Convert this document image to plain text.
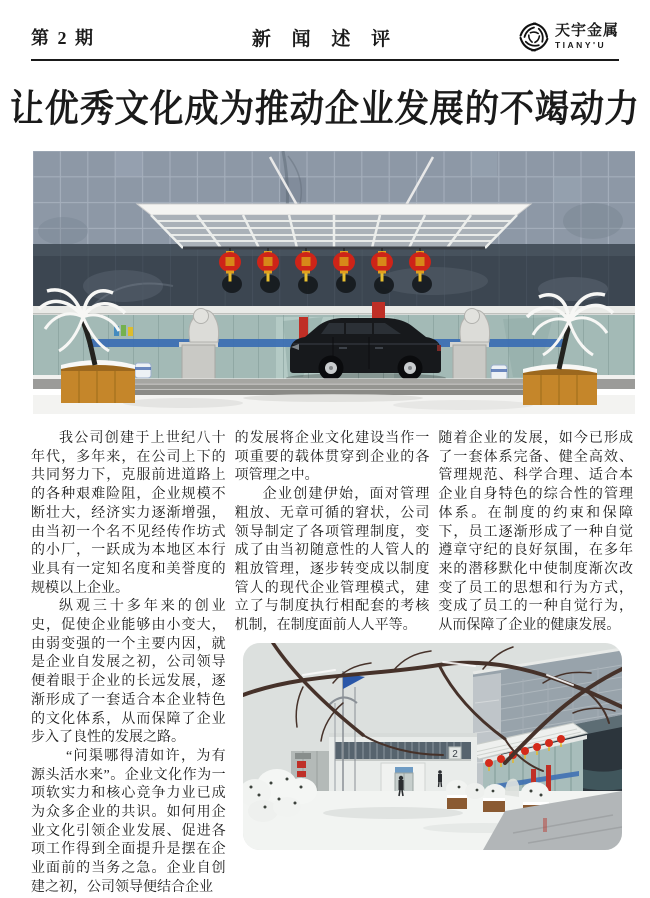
新 闻 述 评
第 2 期	天宇金属
TIANY'U
让优秀文化成为推动企业发展的不竭动力

我公司创建于上世纪八十年代，多年来，在公司上下的共同努力下，克服前进道路上的各种艰难险阻，企业规模不断壮大，经济实力逐渐增强，由当初一个名不见经传作坊式的小厂，一跃成为本地区本行业具有一定知名度和美誉度的规模以上企业。

纵观三十多年来的创业史，促使企业能够由小变大，由弱变强的一个主要内因，就是企业自发展之初，公司领导便着眼于企业的长远发展，逐渐形成了一套适合本企业特色的文化体系，从而保障了企业步入了良性的发展之路。

“问渠哪得清如许，为有源头活水来”。企业文化作为一项软实力和核心竞争力业已成为众多企业的共识。如何用企业文化引领企业发展、促进各项工作得到全面提升是摆在企业面前的当务之急。企业自创建之初，公司领导便结合企业

的发展将企业文化建设当作一项重要的载体贯穿到企业的各项管理之中。

企业创建伊始，面对管理粗放、无章可循的窘状，公司领导制定了各项管理制度，变成了由当初随意性的人管人的粗放管理，逐步转变成以制度管人的现代企业管理模式，建立了与制度执行相配套的考核机制，在制度面前人人平等。

随着企业的发展，如今已形成了一套体系完备、健全高效、管理规范、科学合理、适合本企业自身特色的综合性的管理体系。在制度的约束和保障下，员工逐渐形成了一种自觉遵章守纪的良好氛围，在多年来的潜移默化中使制度渐次改变了员工的思想和行为方式，变成了员工的一种自觉行为，从而保障了企业的健康发展。

2
